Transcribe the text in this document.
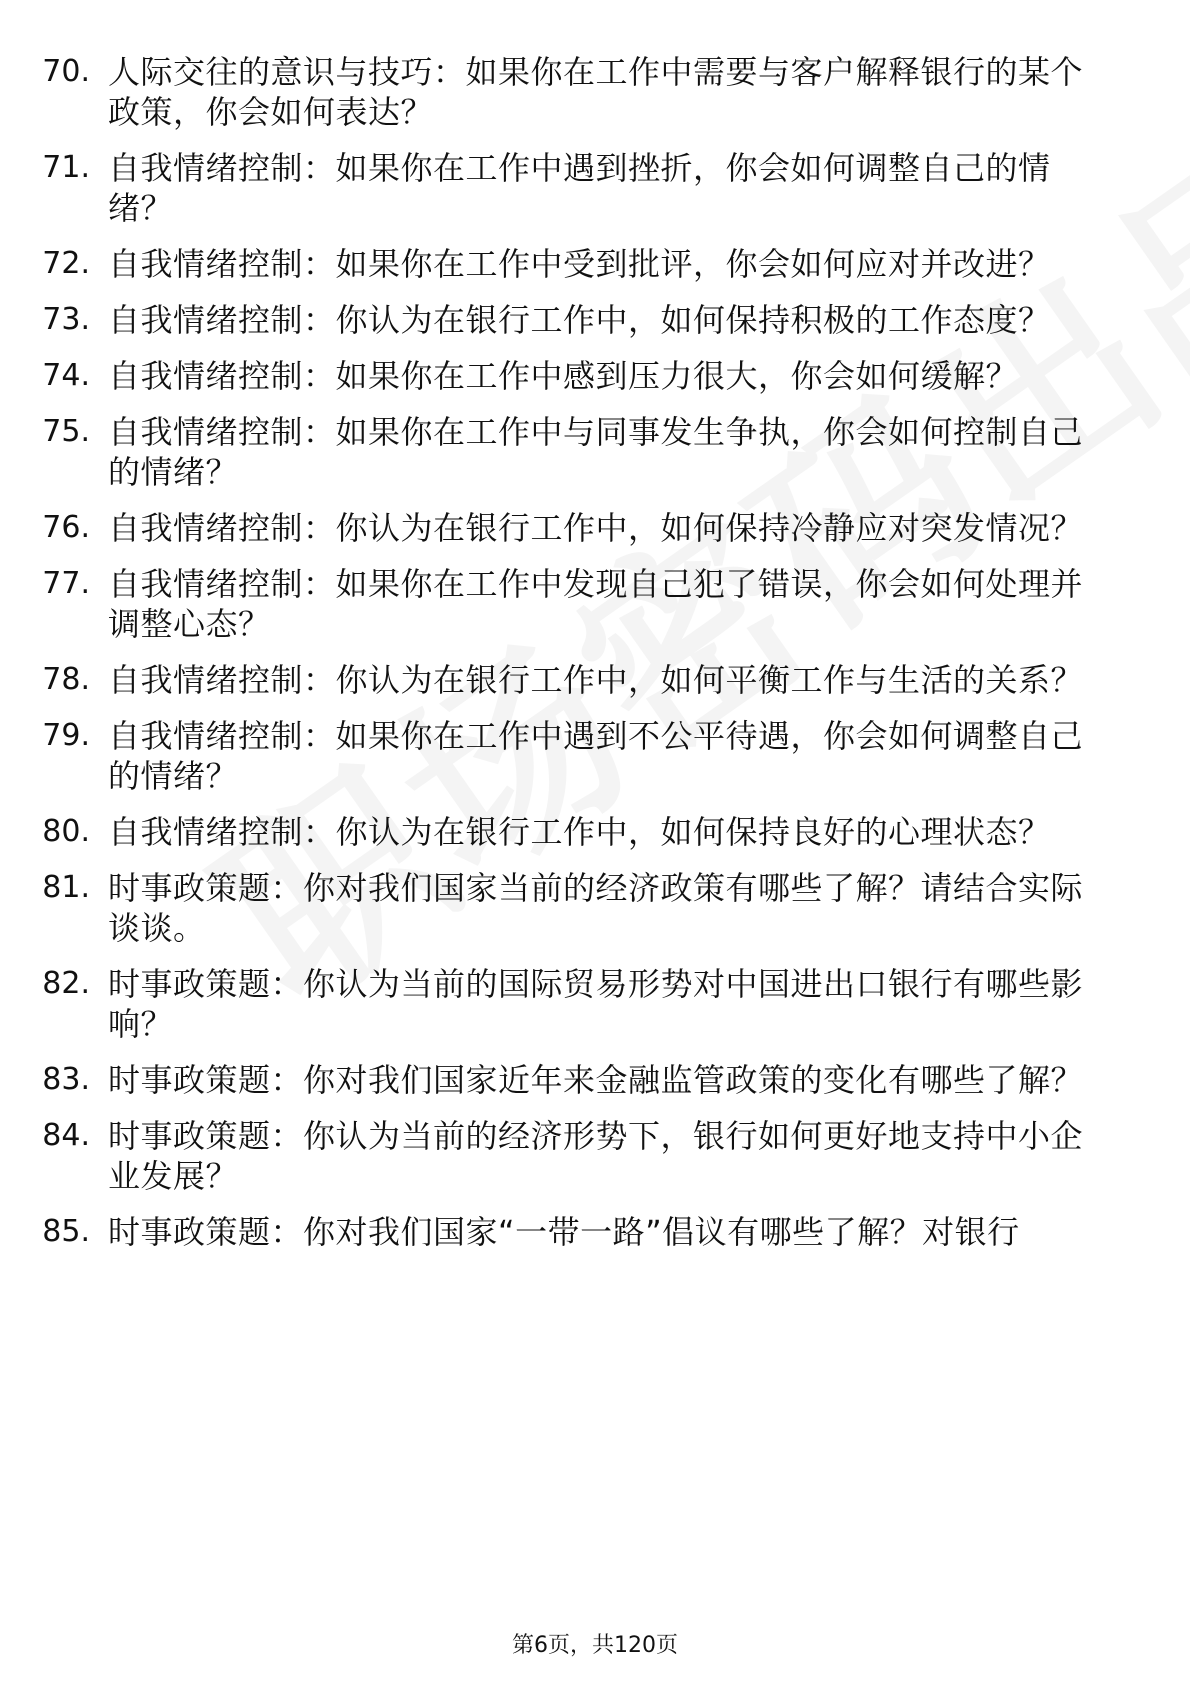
70. 人际交往的意识与技巧：如果你在工作中需要与客户解释银行的某个政策，你会如何表达？
71. 自我情绪控制：如果你在工作中遇到挫折，你会如何调整自己的情绪？
72. 自我情绪控制：如果你在工作中受到批评，你会如何应对并改进？
73. 自我情绪控制：你认为在银行工作中，如何保持积极的工作态度？
74. 自我情绪控制：如果你在工作中感到压力很大，你会如何缓解？
75. 自我情绪控制：如果你在工作中与同事发生争执，你会如何控制自己的情绪？
76. 自我情绪控制：你认为在银行工作中，如何保持冷静应对突发情况？
77. 自我情绪控制：如果你在工作中发现自己犯了错误，你会如何处理并调整心态？
78. 自我情绪控制：你认为在银行工作中，如何平衡工作与生活的关系？
79. 自我情绪控制：如果你在工作中遇到不公平待遇，你会如何调整自己的情绪？
80. 自我情绪控制：你认为在银行工作中，如何保持良好的心理状态？
81. 时事政策题：你对我们国家当前的经济政策有哪些了解？请结合实际谈谈。
82. 时事政策题：你认为当前的国际贸易形势对中国进出口银行有哪些影响？
83. 时事政策题：你对我们国家近年来金融监管政策的变化有哪些了解？
84. 时事政策题：你认为当前的经济形势下，银行如何更好地支持中小企业发展？
85. 时事政策题：你对我们国家“一带一路”倡议有哪些了解？对银行
第6页，共120页
